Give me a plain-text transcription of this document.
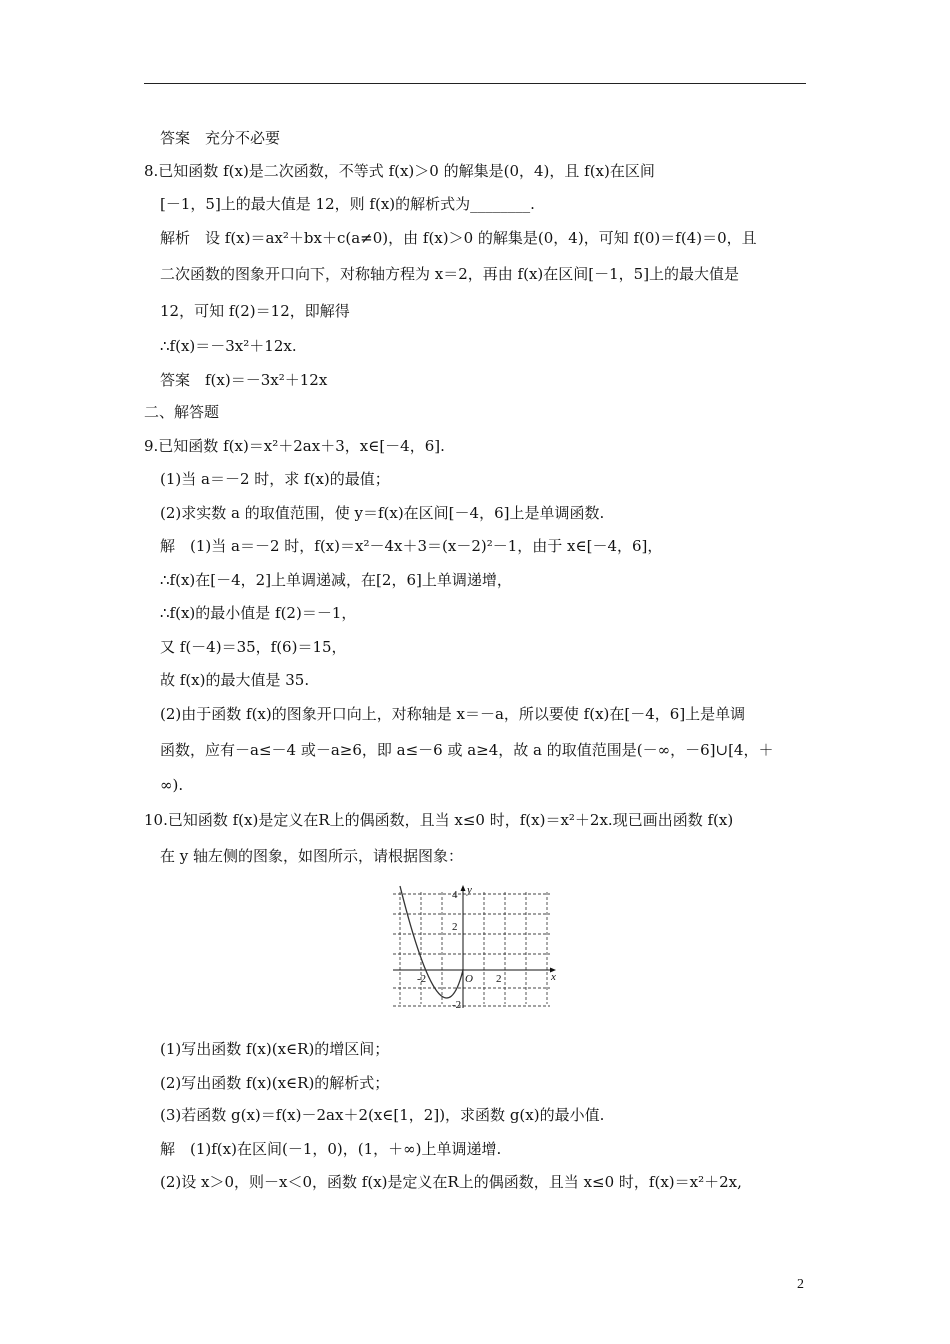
答案　充分不必要
8.已知函数 f(x)是二次函数，不等式 f(x)＞0 的解集是(0，4)，且 f(x)在区间
[－1，5]上的最大值是 12，则 f(x)的解析式为________.
解析　设 f(x)＝ax²＋bx＋c(a≠0)，由 f(x)＞0 的解集是(0，4)，可知 f(0)＝f(4)＝0，且
二次函数的图象开口向下，对称轴方程为 x＝2，再由 f(x)在区间[－1，5]上的最大值是
12，可知 f(2)＝12，即解得
∴f(x)＝－3x²＋12x.
答案　f(x)＝－3x²＋12x
二、解答题
9.已知函数 f(x)＝x²＋2ax＋3，x∈[－4，6].
(1)当 a＝－2 时，求 f(x)的最值；
(2)求实数 a 的取值范围，使 y＝f(x)在区间[－4，6]上是单调函数.
解　(1)当 a＝－2 时，f(x)＝x²－4x＋3＝(x－2)²－1，由于 x∈[－4，6]，
∴f(x)在[－4，2]上单调递减，在[2，6]上单调递增，
∴f(x)的最小值是 f(2)＝－1，
又 f(－4)＝35，f(6)＝15，
故 f(x)的最大值是 35.
(2)由于函数 f(x)的图象开口向上，对称轴是 x＝－a，所以要使 f(x)在[－4，6]上是单调
函数，应有－a≤－4 或－a≥6，即 a≤－6 或 a≥4，故 a 的取值范围是(－∞，－6]∪[4，＋
∞).
10.已知函数 f(x)是定义在R上的偶函数，且当 x≤0 时，f(x)＝x²＋2x.现已画出函数 f(x)
在 y 轴左侧的图象，如图所示，请根据图象：
y
x
O
4
2
-2	2
-2
(1)写出函数 f(x)(x∈R)的增区间；
(2)写出函数 f(x)(x∈R)的解析式；
(3)若函数 g(x)＝f(x)－2ax＋2(x∈[1，2])，求函数 g(x)的最小值.
解　(1)f(x)在区间(－1，0)，(1，＋∞)上单调递增.
(2)设 x＞0，则－x＜0，函数 f(x)是定义在R上的偶函数，且当 x≤0 时，f(x)＝x²＋2x,
2
